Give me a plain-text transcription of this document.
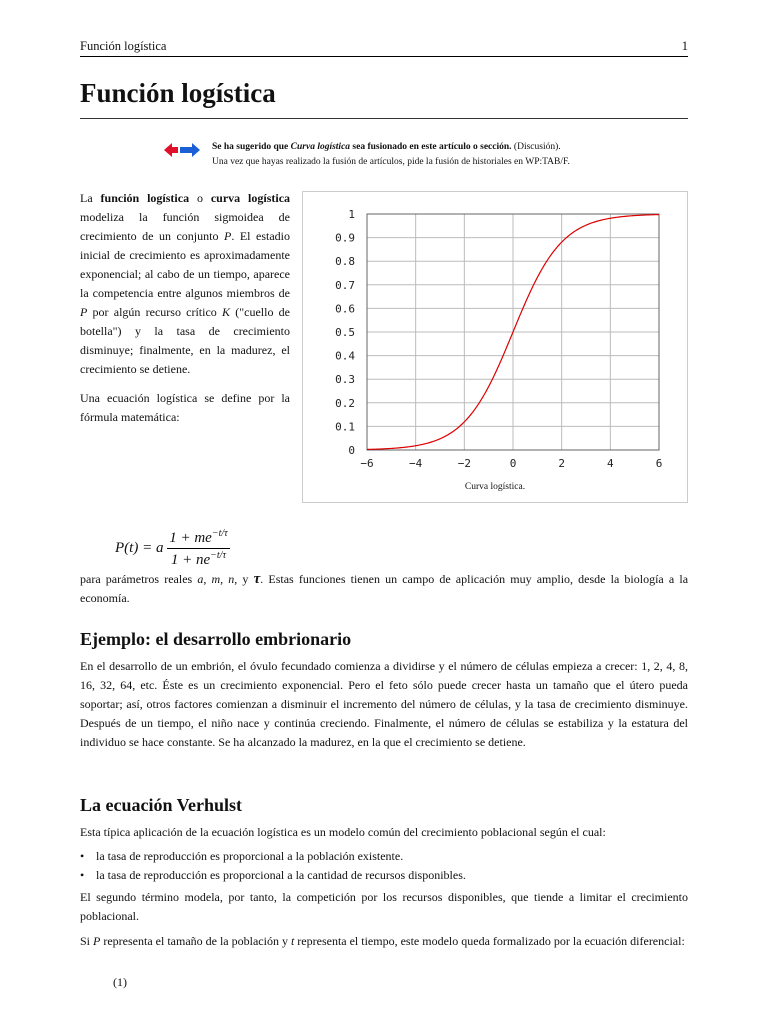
Función logística	1
Función logística
Se ha sugerido que Curva logística sea fusionado en este artículo o sección. (Discusión).
Una vez que hayas realizado la fusión de artículos, pide la fusión de historiales en WP:TAB/F.

La función logística o curva logística modeliza la función sigmoidea de crecimiento de un conjunto P. El estadio inicial de crecimiento es aproximadamente exponencial; al cabo de un tiempo, aparece la competencia entre algunos miembros de P por algún recurso crítico K ("cuello de botella") y la tasa de crecimiento disminuye; finalmente, en la madurez, el crecimiento se detiene.

Una ecuación logística se define por la fórmula matemática:

−6	−4	−2	0	2	4	6
0
0.1
0.2
0.3
0.4
0.5
0.6
0.7
0.8
0.9
1
Curva logística.
P(t) = a $\frac{1 + me^{-t/\tau}}{1 + ne^{-t/\tau}}$

para parámetros reales a, m, n, y τ. Estas funciones tienen un campo de aplicación muy amplio, desde la biología a la economía.

Ejemplo: el desarrollo embrionario

En el desarrollo de un embrión, el óvulo fecundado comienza a dividirse y el número de células empieza a crecer: 1, 2, 4, 8, 16, 32, 64, etc. Éste es un crecimiento exponencial. Pero el feto sólo puede crecer hasta un tamaño que el útero pueda soportar; así, otros factores comienzan a disminuir el incremento del número de células, y la tasa de crecimiento disminuye. Después de un tiempo, el niño nace y continúa creciendo. Finalmente, el número de células se estabiliza y la estatura del individuo se hace constante. Se ha alcanzado la madurez, en la que el crecimiento se detiene.

La ecuación Verhulst

Esta típica aplicación de la ecuación logística es un modelo común del crecimiento poblacional según el cual:

• la tasa de reproducción es proporcional a la población existente.
• la tasa de reproducción es proporcional a la cantidad de recursos disponibles.

El segundo término modela, por tanto, la competición por los recursos disponibles, que tiende a limitar el crecimiento poblacional.

Si P representa el tamaño de la población y t representa el tiempo, este modelo queda formalizado por la ecuación diferencial:

(1)
